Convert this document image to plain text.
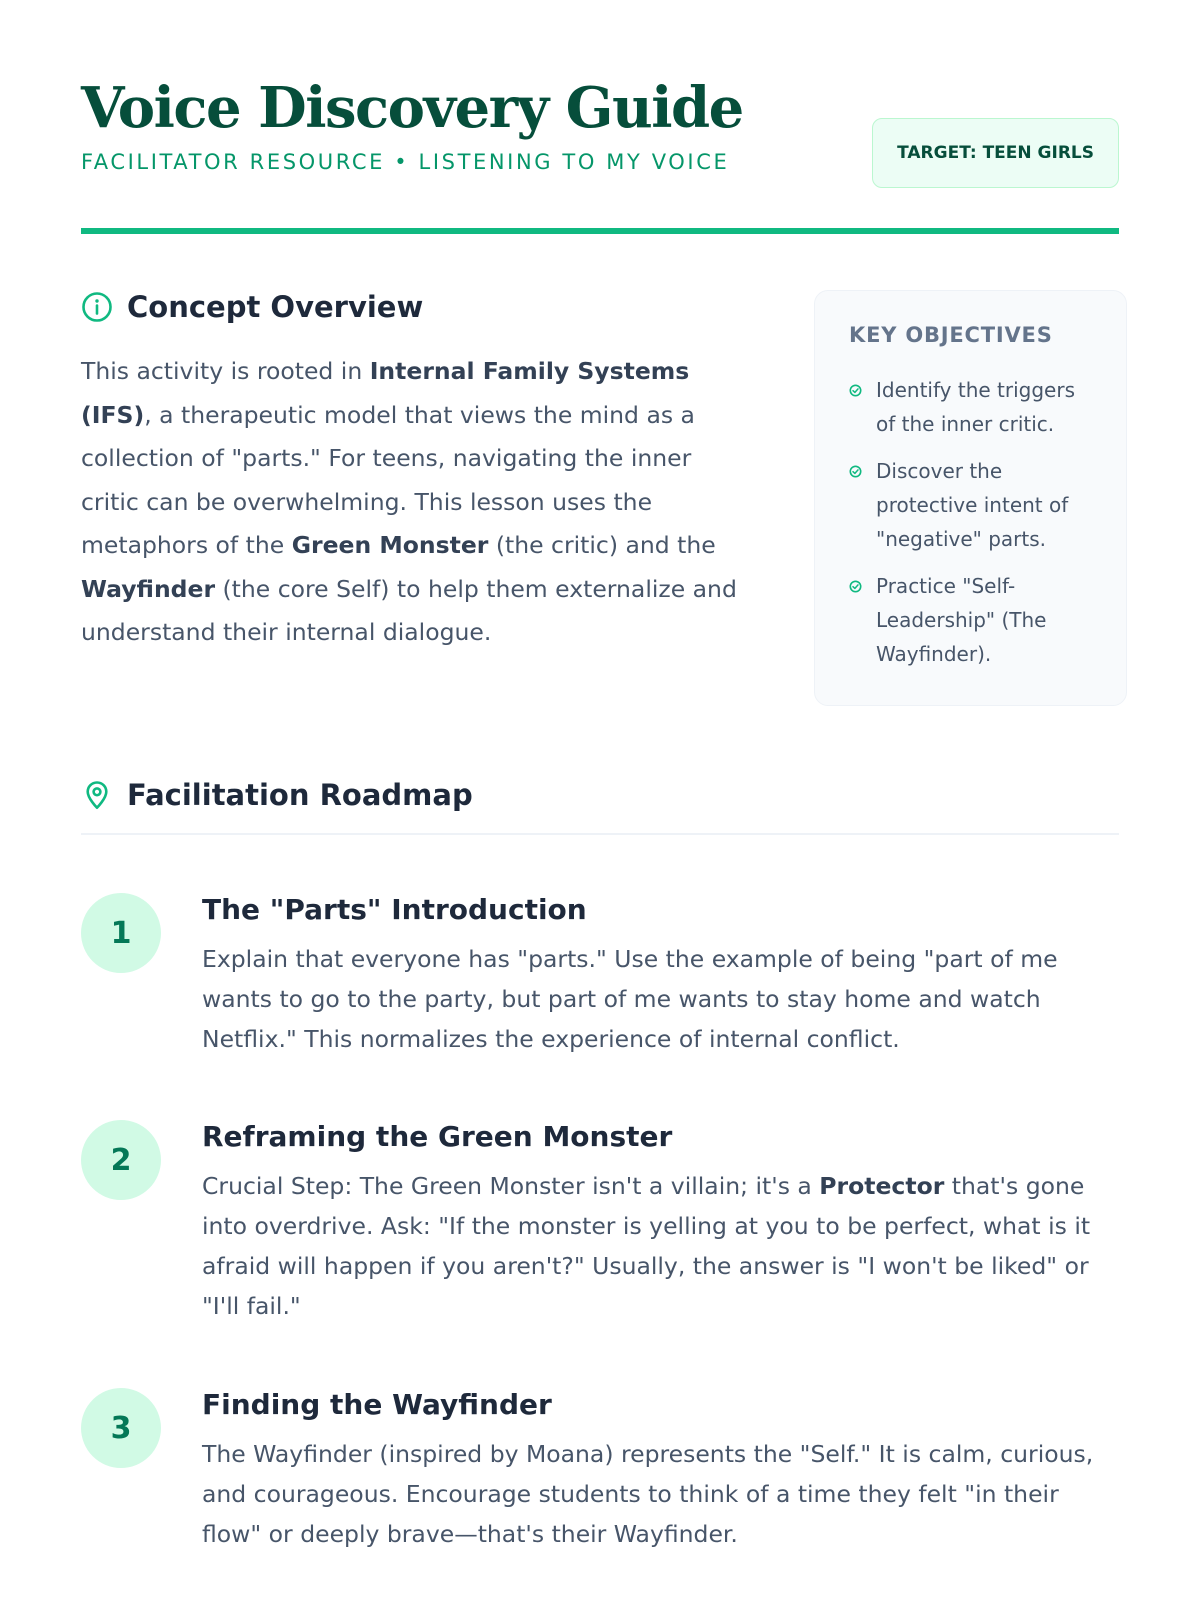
Voice Discovery Guide
FACILITATOR RESOURCE • LISTENING TO MY VOICE	TARGET: TEEN GIRLS
Concept Overview

This activity is rooted in Internal Family Systems (IFS), a therapeutic model that views the mind as a collection of "parts." For teens, navigating the inner critic can be overwhelming. This lesson uses the metaphors of the Green Monster (the critic) and the Wayfinder (the core Self) to help them externalize and understand their internal dialogue.

KEY OBJECTIVES
Identify the triggers of the inner critic.
Discover the protective intent of "negative" parts.
Practice "Self-Leadership" (The Wayfinder).
Facilitation Roadmap
1
The "Parts" Introduction

Explain that everyone has "parts." Use the example of being "part of me wants to go to the party, but part of me wants to stay home and watch Netflix." This normalizes the experience of internal conflict.

2
Reframing the Green Monster

Crucial Step: The Green Monster isn't a villain; it's a Protector that's gone into overdrive. Ask: "If the monster is yelling at you to be perfect, what is it afraid will happen if you aren't?" Usually, the answer is "I won't be liked" or "I'll fail."

3
Finding the Wayfinder

The Wayfinder (inspired by Moana) represents the "Self." It is calm, curious, and courageous. Encourage students to think of a time they felt "in their flow" or deeply brave—that's their Wayfinder.
